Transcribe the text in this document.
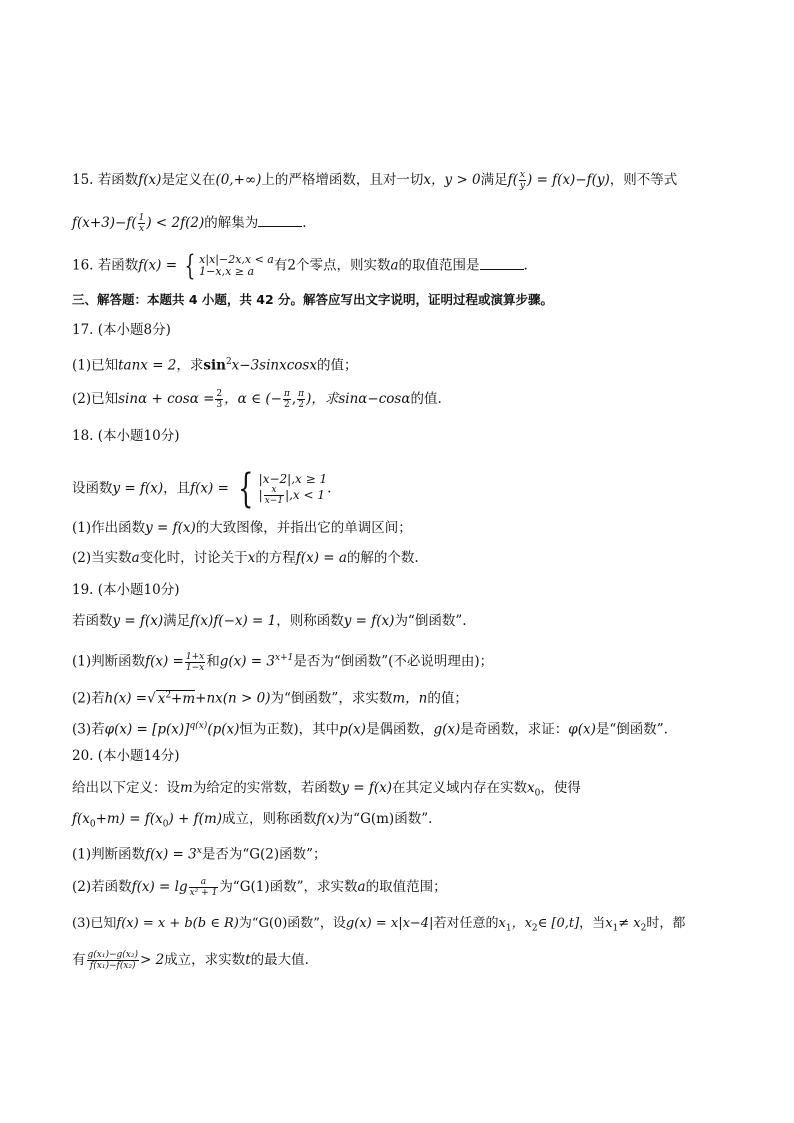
15. 若函数f(x)是定义在(0,+∞)上的严格增函数，且对一切x，y > 0满足$f( \frac{x}{y}$ ) = f(x)−f(y)，则不等式
$f(x+3)-f( \frac{1}{x}$ ) < 2f(2)的解集为	.
16. 若函数f(x) = { x|x|−2x,x < a
1−x,x ≥ a	有2个零点，则实数a的取值范围是	.
三、解答题：本题共 4 小题，共 42 分。解答应写出文字说明，证明过程或演算步骤。
17. (本小题8分)
(1)已知tanx = 2，求$\sin^2x-3sinxcosx$的值；
(2)已知$\sin\alpha + \cos\alpha = \frac{2}{3}$ ，α ∈ (− $\frac{\pi}{2}$ , $\frac{\pi}{2}$ )，求sinα−cosα的值.
18. (本小题10分)
设函数y = f(x)，且f(x) = { |x−2|,x ≥ 1
| $\frac{x}{x-1} |,x < 1$ .
(1)作出函数y = f(x)的大致图像，并指出它的单调区间；
(2)当实数a变化时，讨论关于x的方程f(x) = a的解的个数.
19. (本小题10分)
若函数y = f(x)满足f(x)f(−x) = 1，则称函数y = f(x)为“倒函数”.
(1)判断函数$f(x) = \frac{1+x}{1-x}$ 和$g(x) = 3^{x+1}$是否为“倒函数”(不必说明理由)；
(2)若h(x) =√ $x^2+m+nx(n > 0)$为“倒函数”，求实数m，n的值；
(3)若$\varphi(x) = [p(x)]^{q(x)}(p(x)$恒为正数)，其中p(x)是偶函数，g(x)是奇函数，求证：φ(x)是“倒函数”.
20. (本小题14分)
给出以下定义：设m为给定的实常数，若函数y = f(x)在其定义域内存在实数$x_0$，使得
$f(x_0+m) = f(x_0) + f(m)$成立，则称函数f(x)为“G(m)函数”.
(1)判断函数$f(x) = 3^x$是否为“G(2)函数”；
(2)若函数$f(x) = \lg \frac{a}{\text{x² + 1}}$ 为“G(1)函数”，求实数a的取值范围；
(3)已知f(x) = x + b(b ∈ R)为“G(0)函数”，设g(x) = x|x−4|若对任意的$x_1$，$x_2\in$ [0,t]，当$x_1\ne x_2$时，都
有 $\frac{\text{g(x₁)−g(x₂)}}{\text{f(x₁)−f(x₂)}} > 2$成立，求实数t的最大值.
